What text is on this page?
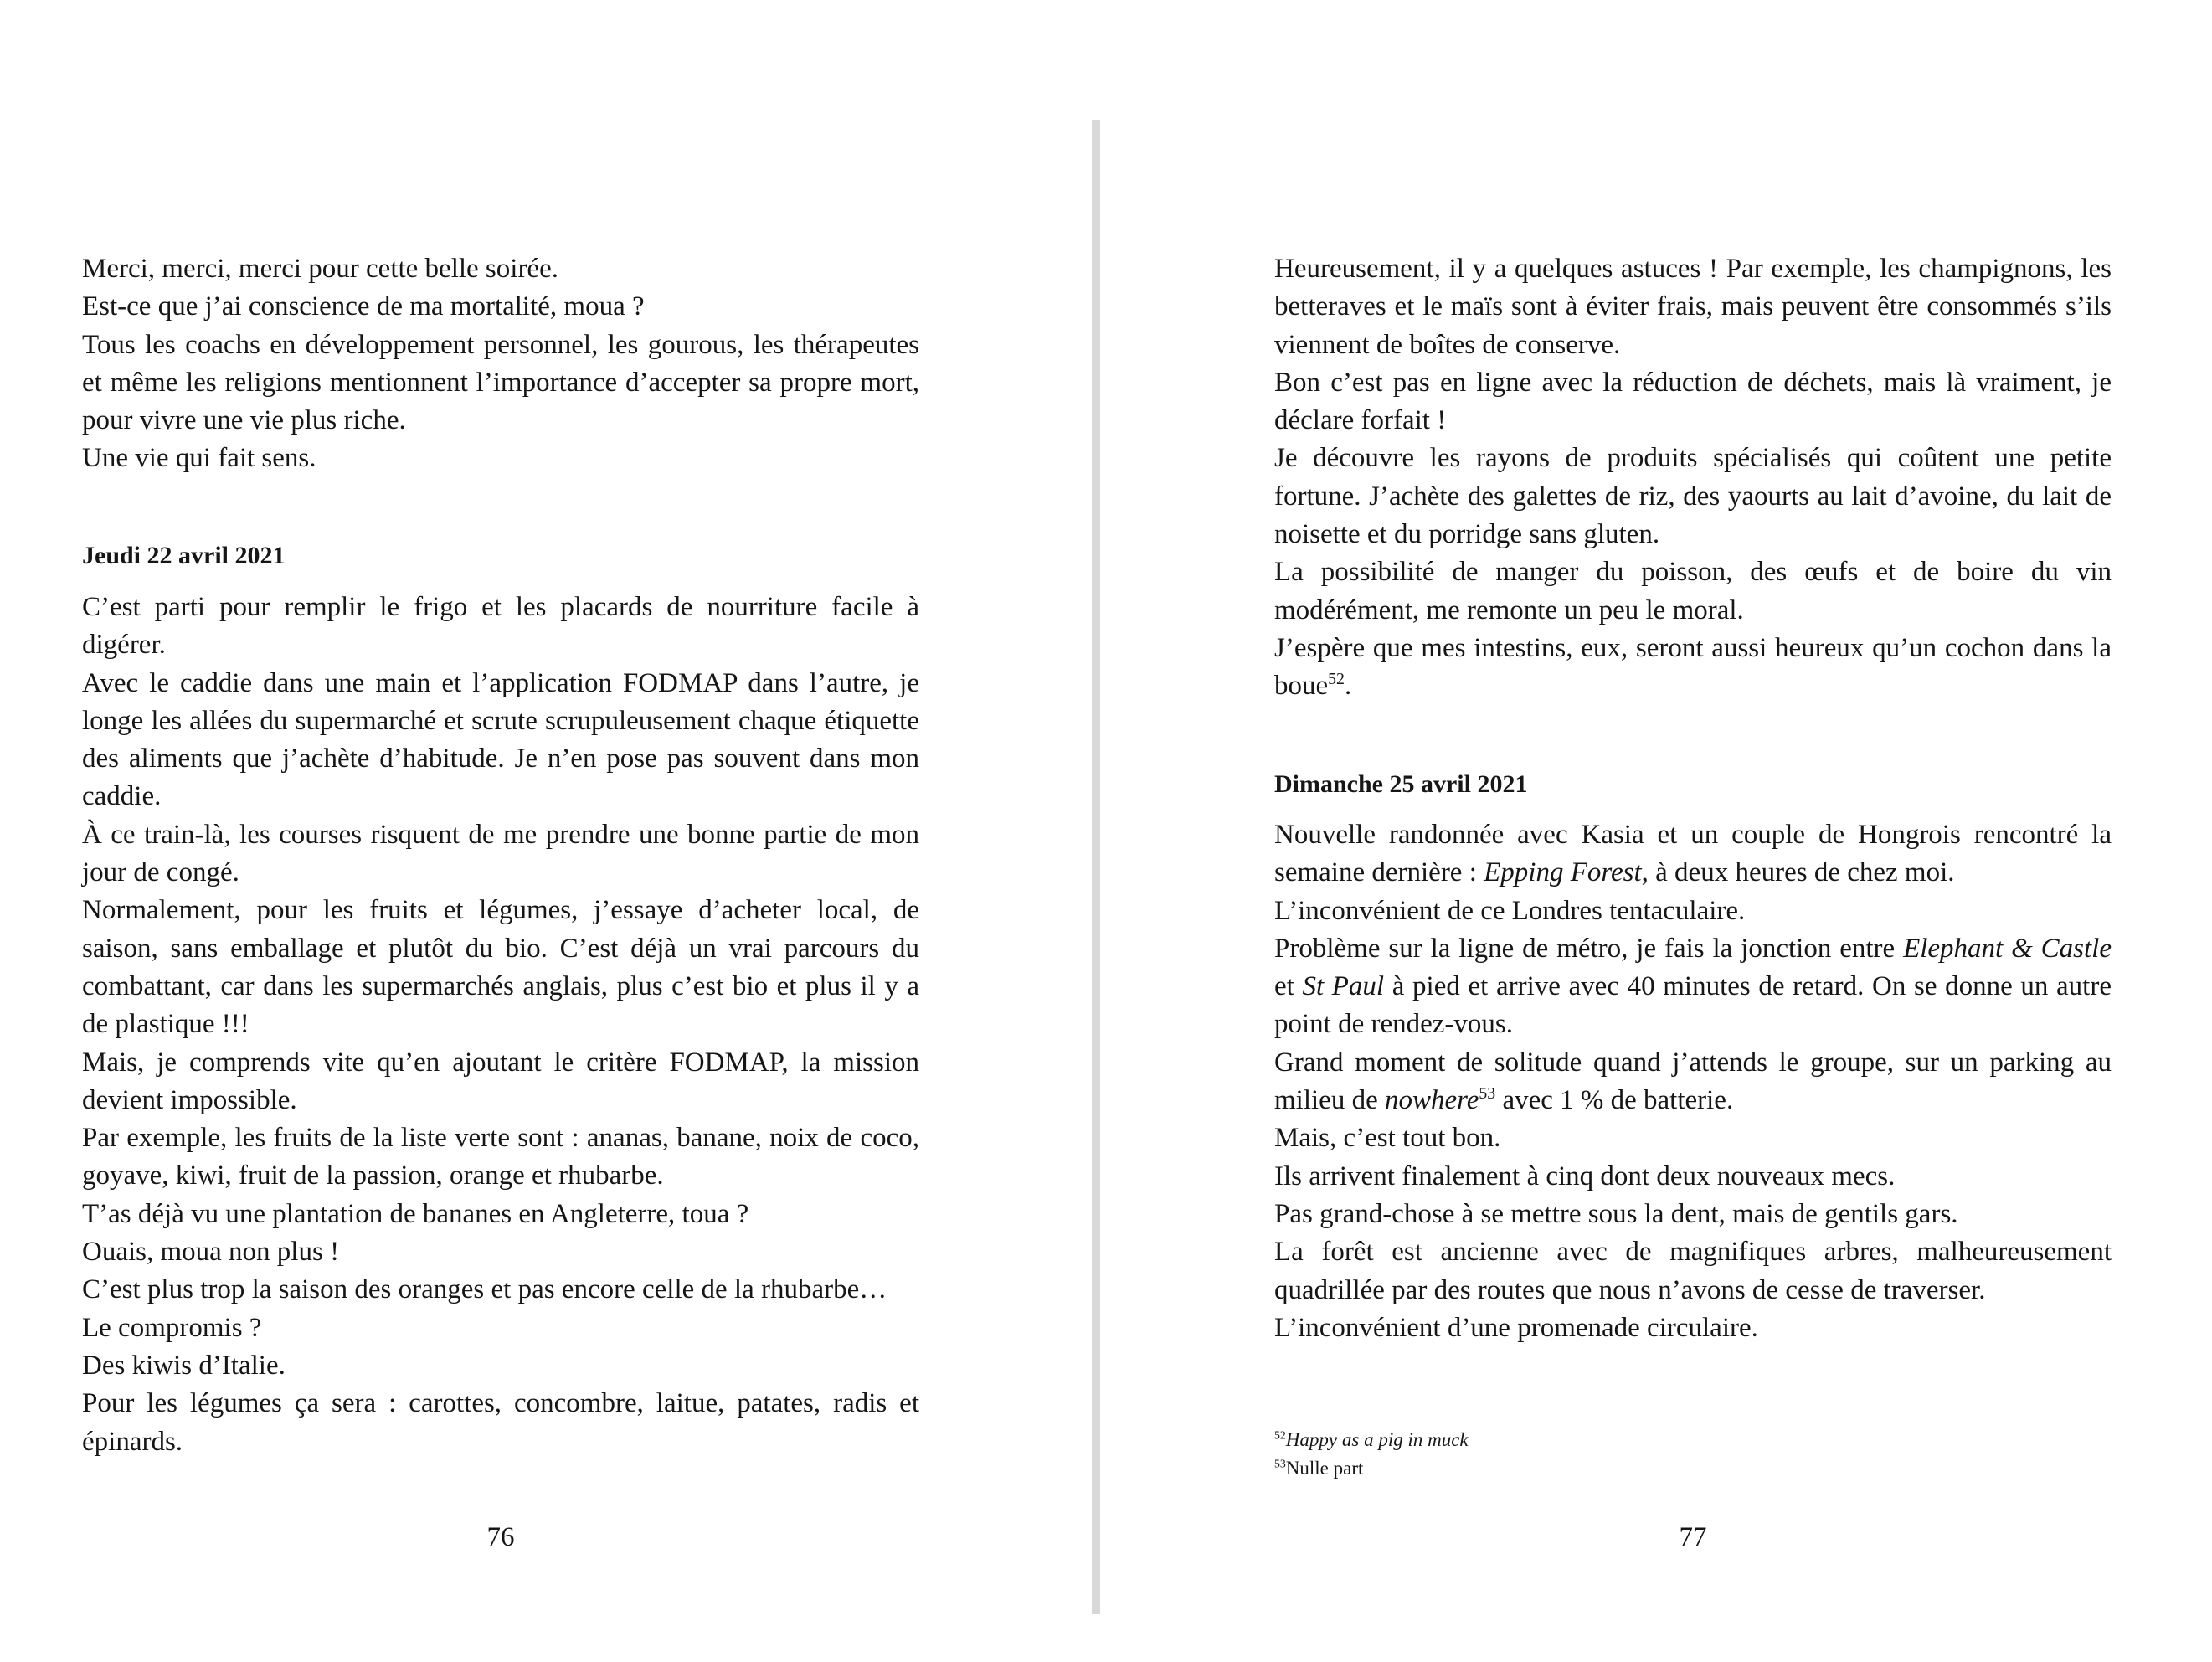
Merci, merci, merci pour cette belle soirée.

Est-ce que j’ai conscience de ma mortalité, moua ?

Tous les coachs en développement personnel, les gourous, les thérapeutes et même les religions mentionnent l’importance d’accepter sa propre mort, pour vivre une vie plus riche.

Une vie qui fait sens.

Jeudi 22 avril 2021

C’est parti pour remplir le frigo et les placards de nourriture facile à digérer.

Avec le caddie dans une main et l’application FODMAP dans l’autre, je longe les allées du supermarché et scrute scrupuleusement chaque étiquette des aliments que j’achète d’habitude. Je n’en pose pas souvent dans mon caddie.

À ce train-là, les courses risquent de me prendre une bonne partie de mon jour de congé.

Normalement, pour les fruits et légumes, j’essaye d’acheter local, de saison, sans emballage et plutôt du bio. C’est déjà un vrai parcours du combattant, car dans les supermarchés anglais, plus c’est bio et plus il y a de plastique !!!

Mais, je comprends vite qu’en ajoutant le critère FODMAP, la mission devient impossible.

Par exemple, les fruits de la liste verte sont : ananas, banane, noix de coco, goyave, kiwi, fruit de la passion, orange et rhubarbe.

T’as déjà vu une plantation de bananes en Angleterre, toua ?

Ouais, moua non plus !

C’est plus trop la saison des oranges et pas encore celle de la rhubarbe…

Le compromis ?

Des kiwis d’Italie.

Pour les légumes ça sera : carottes, concombre, laitue, patates, radis et épinards.

76

Heureusement, il y a quelques astuces ! Par exemple, les champignons, les betteraves et le maïs sont à éviter frais, mais peuvent être consommés s’ils viennent de boîtes de conserve.

Bon c’est pas en ligne avec la réduction de déchets, mais là vraiment, je déclare forfait !

Je découvre les rayons de produits spécialisés qui coûtent une petite fortune. J’achète des galettes de riz, des yaourts au lait d’avoine, du lait de noisette et du porridge sans gluten.

La possibilité de manger du poisson, des œufs et de boire du vin modérément, me remonte un peu le moral.

J’espère que mes intestins, eux, seront aussi heureux qu’un cochon dans la boue$^{52}$.

Dimanche 25 avril 2021

Nouvelle randonnée avec Kasia et un couple de Hongrois rencontré la semaine dernière : Epping Forest, à deux heures de chez moi.

L’inconvénient de ce Londres tentaculaire.

Problème sur la ligne de métro, je fais la jonction entre Elephant & Castle et St Paul à pied et arrive avec 40 minutes de retard. On se donne un autre point de rendez-vous.

Grand moment de solitude quand j’attends le groupe, sur un parking au milieu de nowhere$^{53}$ avec 1 % de batterie.

Mais, c’est tout bon.

Ils arrivent finalement à cinq dont deux nouveaux mecs.

Pas grand-chose à se mettre sous la dent, mais de gentils gars.

La forêt est ancienne avec de magnifiques arbres, malheureusement quadrillée par des routes que nous n’avons de cesse de traverser.

L’inconvénient d’une promenade circulaire.

$^{52}$Happy as a pig in muck

$^{53}$Nulle part

77
